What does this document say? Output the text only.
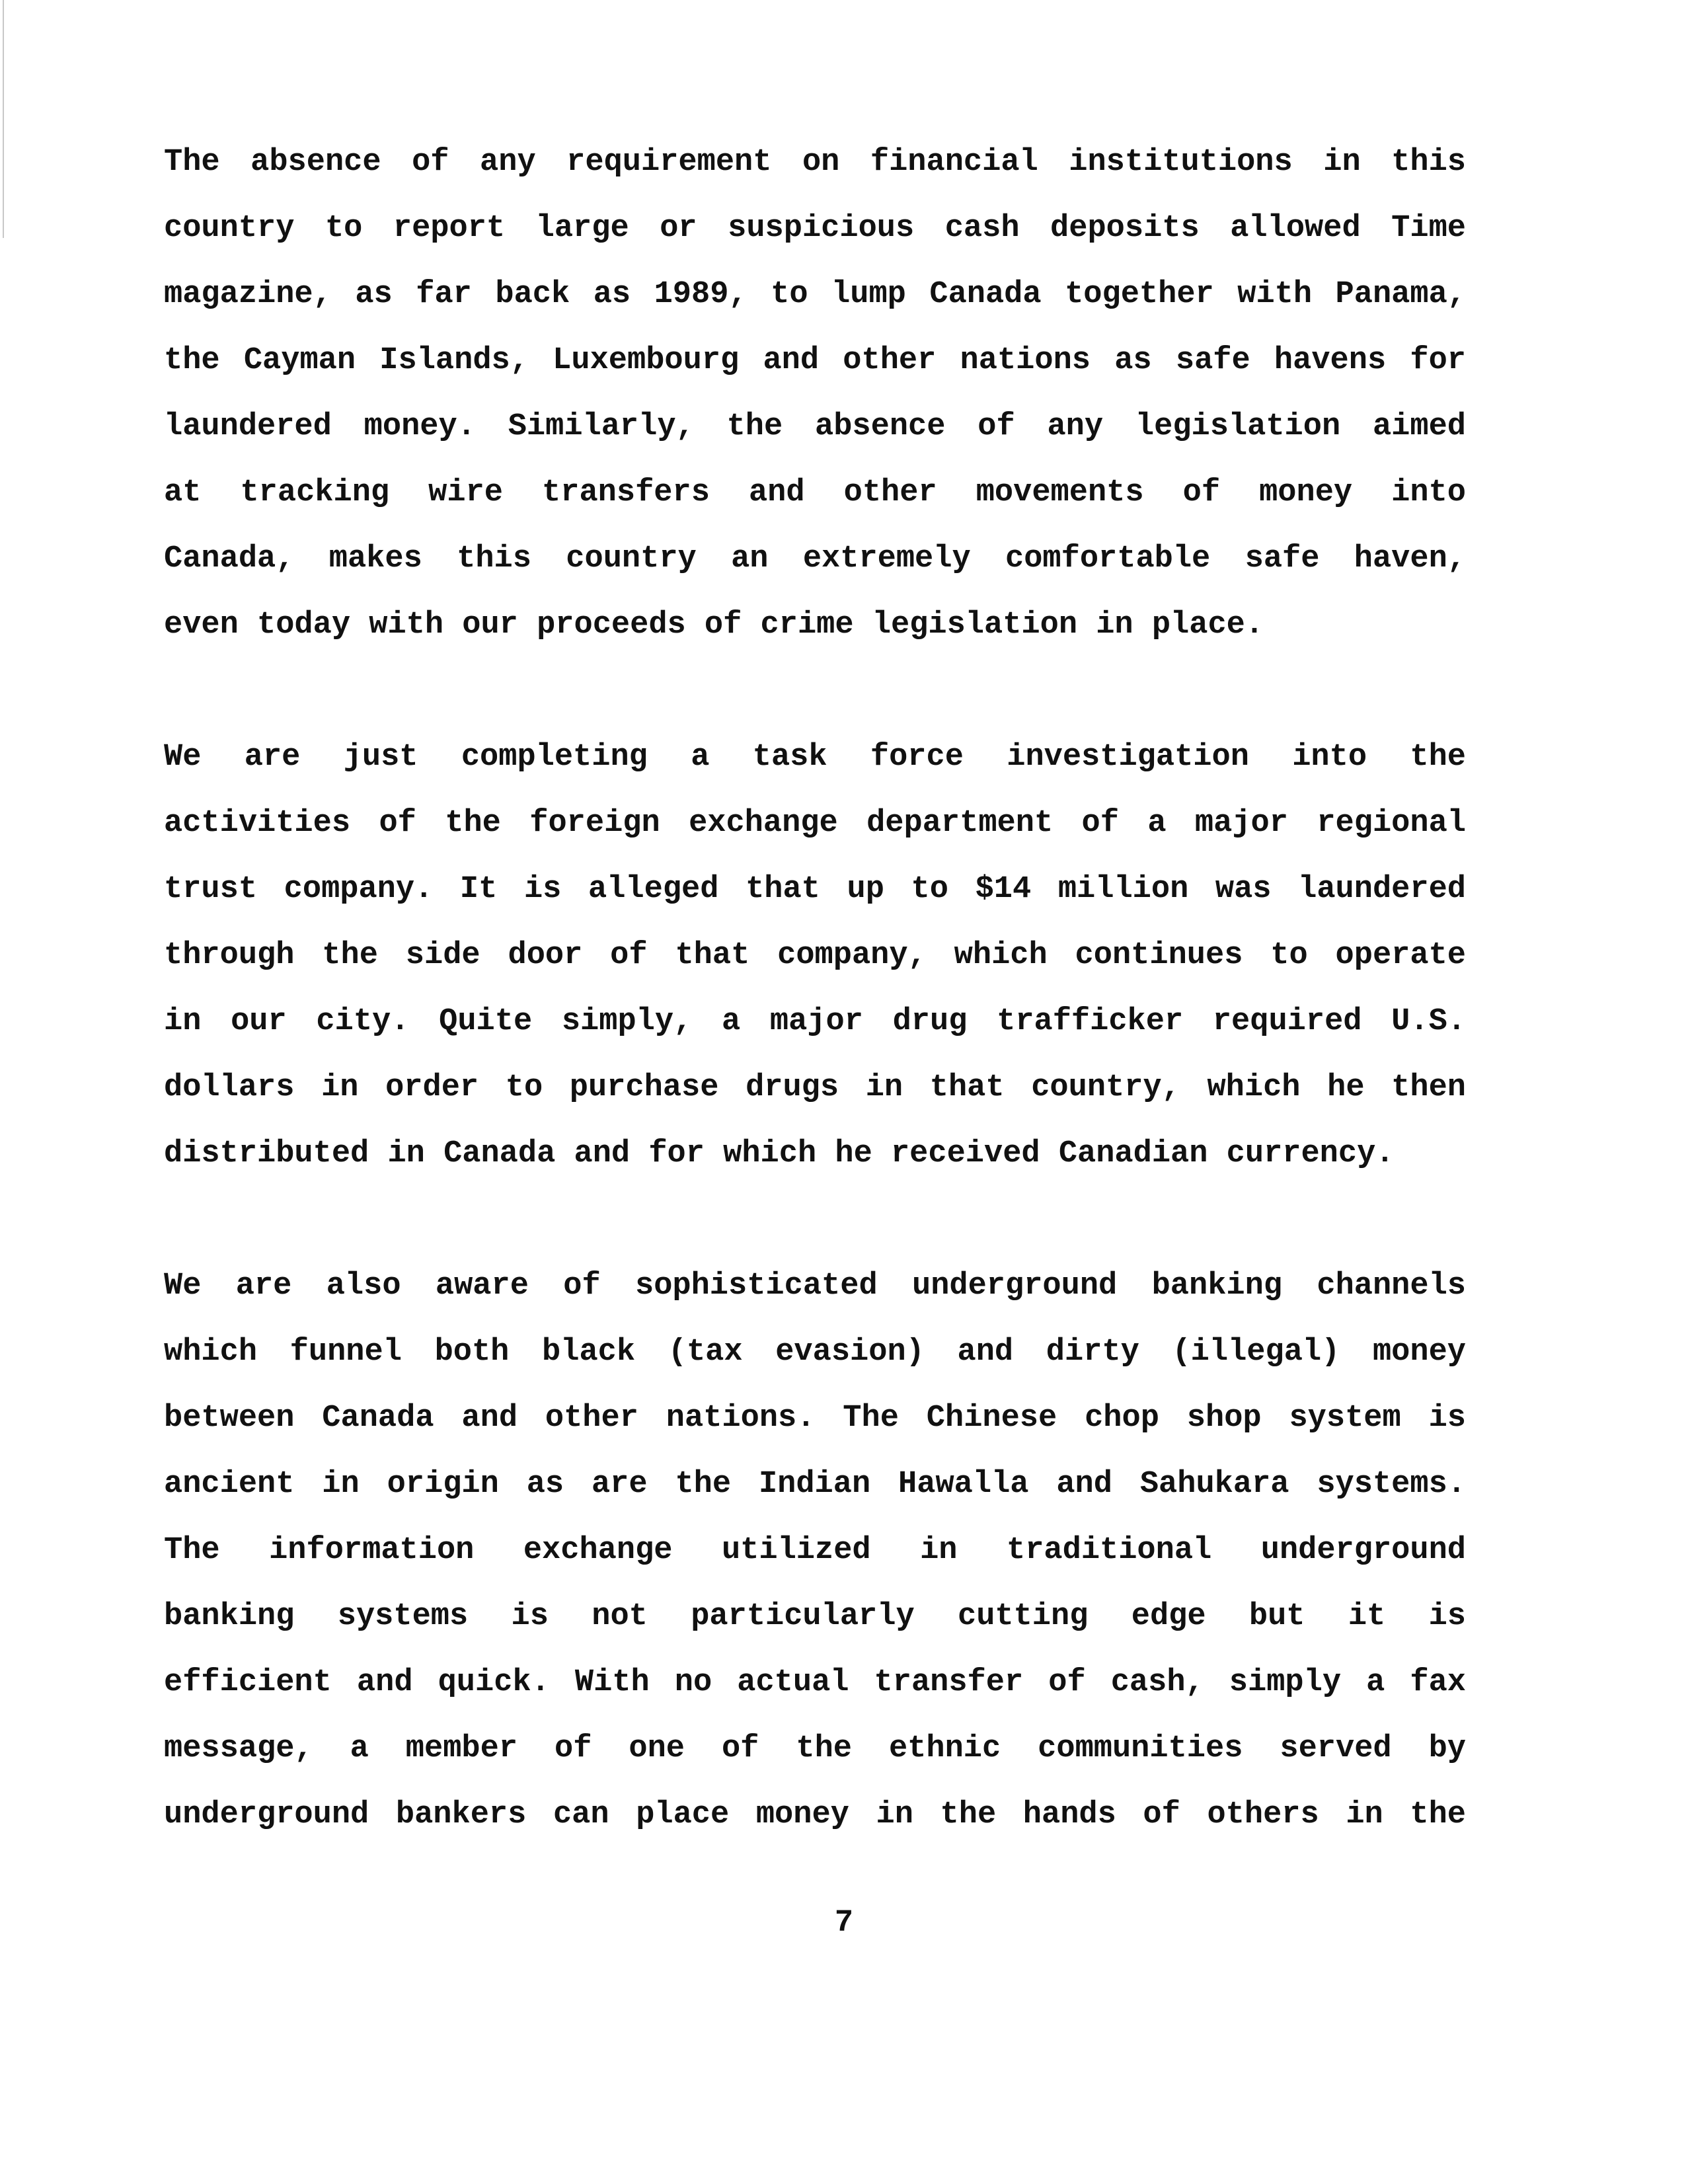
The absence of any requirement on financial institutions in this
country to report large or suspicious cash deposits allowed Time
magazine, as far back as 1989, to lump Canada together with Panama,
the Cayman Islands, Luxembourg and other nations as safe havens for
laundered money. Similarly, the absence of any legislation aimed
at tracking wire transfers and other movements of money into
Canada, makes this country an extremely comfortable safe haven,
even today with our proceeds of crime legislation in place.

We are just completing a task force investigation into the
activities of the foreign exchange department of a major regional
trust company. It is alleged that up to $14 million was laundered
through the side door of that company, which continues to operate
in our city. Quite simply, a major drug trafficker required U.S.
dollars in order to purchase drugs in that country, which he then
distributed in Canada and for which he received Canadian currency.

We are also aware of sophisticated underground banking channels
which funnel both black (tax evasion) and dirty (illegal) money
between Canada and other nations. The Chinese chop shop system is
ancient in origin as are the Indian Hawalla and Sahukara systems.
The information exchange utilized in traditional underground
banking systems is not particularly cutting edge but it is
efficient and quick. With no actual transfer of cash, simply a fax
message, a member of one of the ethnic communities served by
underground bankers can place money in the hands of others in the

7
